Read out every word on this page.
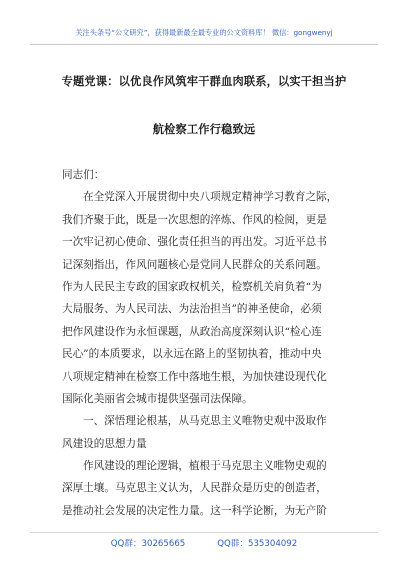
关注头条号“公文研究”，获得最新最全最专业的公文资料库！ 微信：gongwenyj
专题党课：以优良作风筑牢干群血肉联系，以实干担当护
航检察工作行稳致远
同志们：
在全党深入开展贯彻中央八项规定精神学习教育之际，
我们齐聚于此，既是一次思想的淬炼、作风的检阅，更是
一次牢记初心使命、强化责任担当的再出发。习近平总书
记深刻指出，作风问题核心是党同人民群众的关系问题。
作为人民民主专政的国家政权机关，检察机关肩负着“为
大局服务、为人民司法、为法治担当”的神圣使命，必须
把作风建设作为永恒课题，从政治高度深刻认识“检心连
民心”的本质要求，以永远在路上的坚韧执着，推动中央
八项规定精神在检察工作中落地生根，为加快建设现代化
国际化美丽省会城市提供坚强司法保障。
一、深悟理论根基，从马克思主义唯物史观中汲取作
风建设的思想力量
作风建设的理论逻辑，植根于马克思主义唯物史观的
深厚土壤。马克思主义认为，人民群众是历史的创造者，
是推动社会发展的决定性力量。这一科学论断，为无产阶
QQ群：30265665	QQ群：535304092
